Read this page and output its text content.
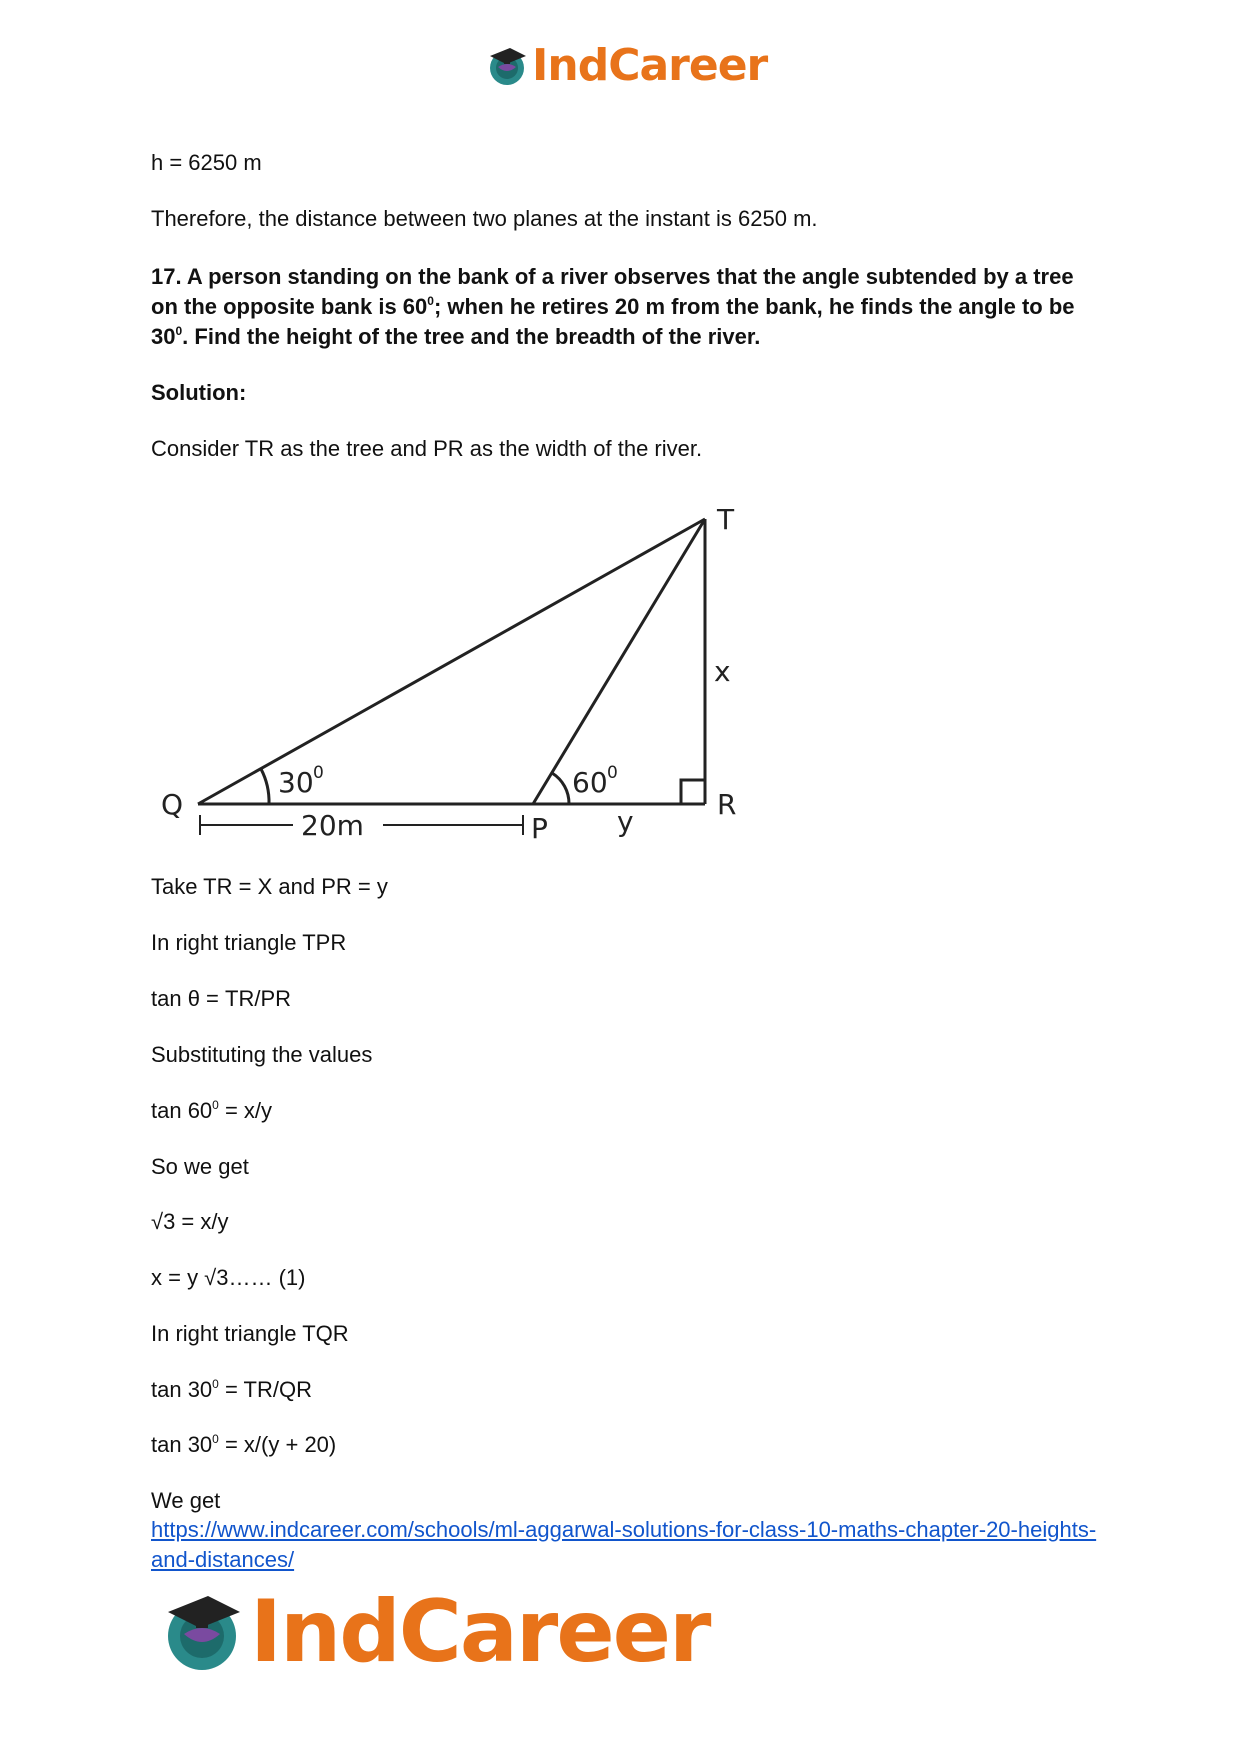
IndCareer
h = 6250 m
Therefore, the distance between two planes at the instant is 6250 m.
17. A person standing on the bank of a river observes that the angle subtended by a tree on the opposite bank is $60^0$; when he retires 20 m from the bank, he finds the angle to be $30^0$. Find the height of the tree and the breadth of the river.
Solution:
Consider TR as the tree and PR as the width of the river.
T
x
R
Q
P y
20m
30 0	60 0
Take TR = X and PR = y
In right triangle TPR
tan θ = TR/PR
Substituting the values
$\tan 60^0 = x/y$
So we get
√3 = x/y
x = y √3…… (1)
In right triangle TQR
$\tan 30^0 = TR/QR$
$\tan 30^0 = x/(y + 20)$
We get
https://www.indcareer.com/schools/ml-aggarwal-solutions-for-class-10-maths-chapter-20-heights-and-distances/
IndCareer
